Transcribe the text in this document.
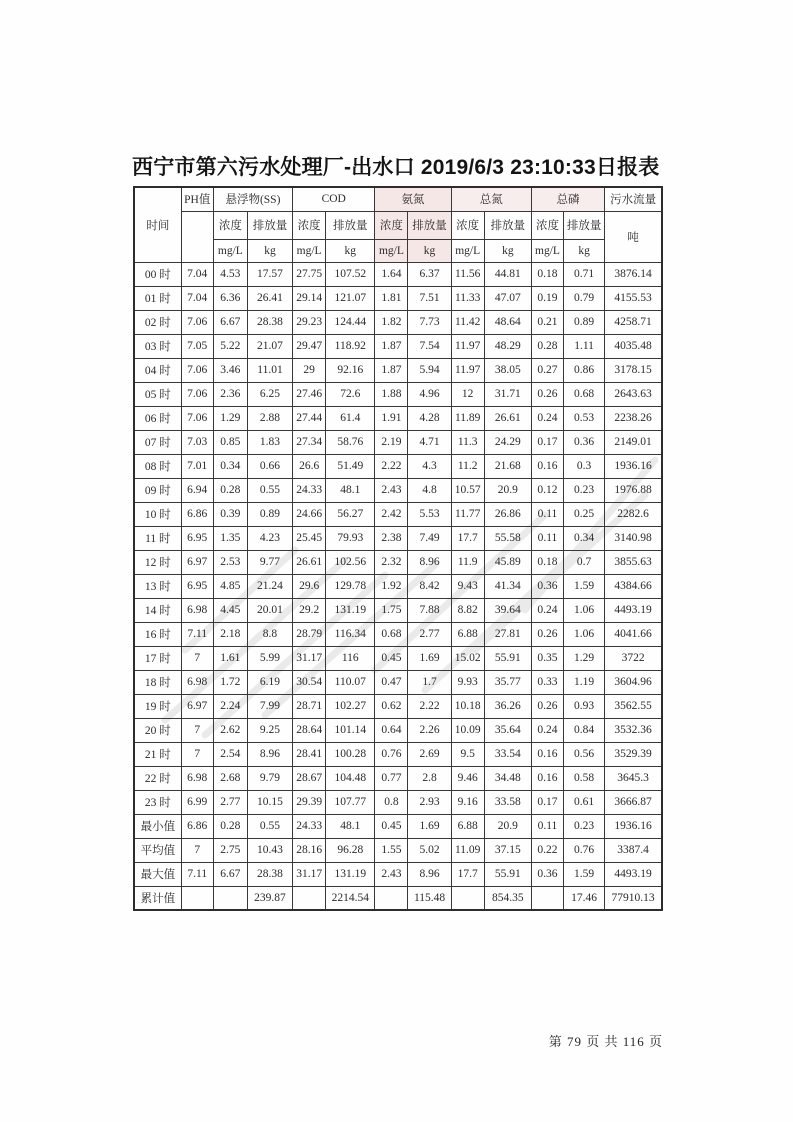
西宁市第六污水处理厂-出水口 2019/6/3 23:10:33日报表
时间	PH值	悬浮物(SS)		COD		氨氮		总氮		总磷		污水流量
		浓度	排放量	浓度	排放量	浓度	排放量	浓度	排放量	浓度	排放量	吨
		mg/L	kg	mg/L	kg	mg/L	kg	mg/L	kg	mg/L	kg	
00 时	7.04	4.53	17.57	27.75	107.52	1.64	6.37	11.56	44.81	0.18	0.71	3876.14
01 时	7.04	6.36	26.41	29.14	121.07	1.81	7.51	11.33	47.07	0.19	0.79	4155.53
02 时	7.06	6.67	28.38	29.23	124.44	1.82	7.73	11.42	48.64	0.21	0.89	4258.71
03 时	7.05	5.22	21.07	29.47	118.92	1.87	7.54	11.97	48.29	0.28	1.11	4035.48
04 时	7.06	3.46	11.01	29	92.16	1.87	5.94	11.97	38.05	0.27	0.86	3178.15
05 时	7.06	2.36	6.25	27.46	72.6	1.88	4.96	12	31.71	0.26	0.68	2643.63
06 时	7.06	1.29	2.88	27.44	61.4	1.91	4.28	11.89	26.61	0.24	0.53	2238.26
07 时	7.03	0.85	1.83	27.34	58.76	2.19	4.71	11.3	24.29	0.17	0.36	2149.01
08 时	7.01	0.34	0.66	26.6	51.49	2.22	4.3	11.2	21.68	0.16	0.3	1936.16
09 时	6.94	0.28	0.55	24.33	48.1	2.43	4.8	10.57	20.9	0.12	0.23	1976.88
10 时	6.86	0.39	0.89	24.66	56.27	2.42	5.53	11.77	26.86	0.11	0.25	2282.6
11 时	6.95	1.35	4.23	25.45	79.93	2.38	7.49	17.7	55.58	0.11	0.34	3140.98
12 时	6.97	2.53	9.77	26.61	102.56	2.32	8.96	11.9	45.89	0.18	0.7	3855.63
13 时	6.95	4.85	21.24	29.6	129.78	1.92	8.42	9.43	41.34	0.36	1.59	4384.66
14 时	6.98	4.45	20.01	29.2	131.19	1.75	7.88	8.82	39.64	0.24	1.06	4493.19
16 时	7.11	2.18	8.8	28.79	116.34	0.68	2.77	6.88	27.81	0.26	1.06	4041.66
17 时	7	1.61	5.99	31.17	116	0.45	1.69	15.02	55.91	0.35	1.29	3722
18 时	6.98	1.72	6.19	30.54	110.07	0.47	1.7	9.93	35.77	0.33	1.19	3604.96
19 时	6.97	2.24	7.99	28.71	102.27	0.62	2.22	10.18	36.26	0.26	0.93	3562.55
20 时	7	2.62	9.25	28.64	101.14	0.64	2.26	10.09	35.64	0.24	0.84	3532.36
21 时	7	2.54	8.96	28.41	100.28	0.76	2.69	9.5	33.54	0.16	0.56	3529.39
22 时	6.98	2.68	9.79	28.67	104.48	0.77	2.8	9.46	34.48	0.16	0.58	3645.3
23 时	6.99	2.77	10.15	29.39	107.77	0.8	2.93	9.16	33.58	0.17	0.61	3666.87
最小值	6.86	0.28	0.55	24.33	48.1	0.45	1.69	6.88	20.9	0.11	0.23	1936.16
平均值	7	2.75	10.43	28.16	96.28	1.55	5.02	11.09	37.15	0.22	0.76	3387.4
最大值	7.11	6.67	28.38	31.17	131.19	2.43	8.96	17.7	55.91	0.36	1.59	4493.19
累计值			239.87		2214.54		115.48		854.35		17.46	77910.13
第 79 页 共 116 页
